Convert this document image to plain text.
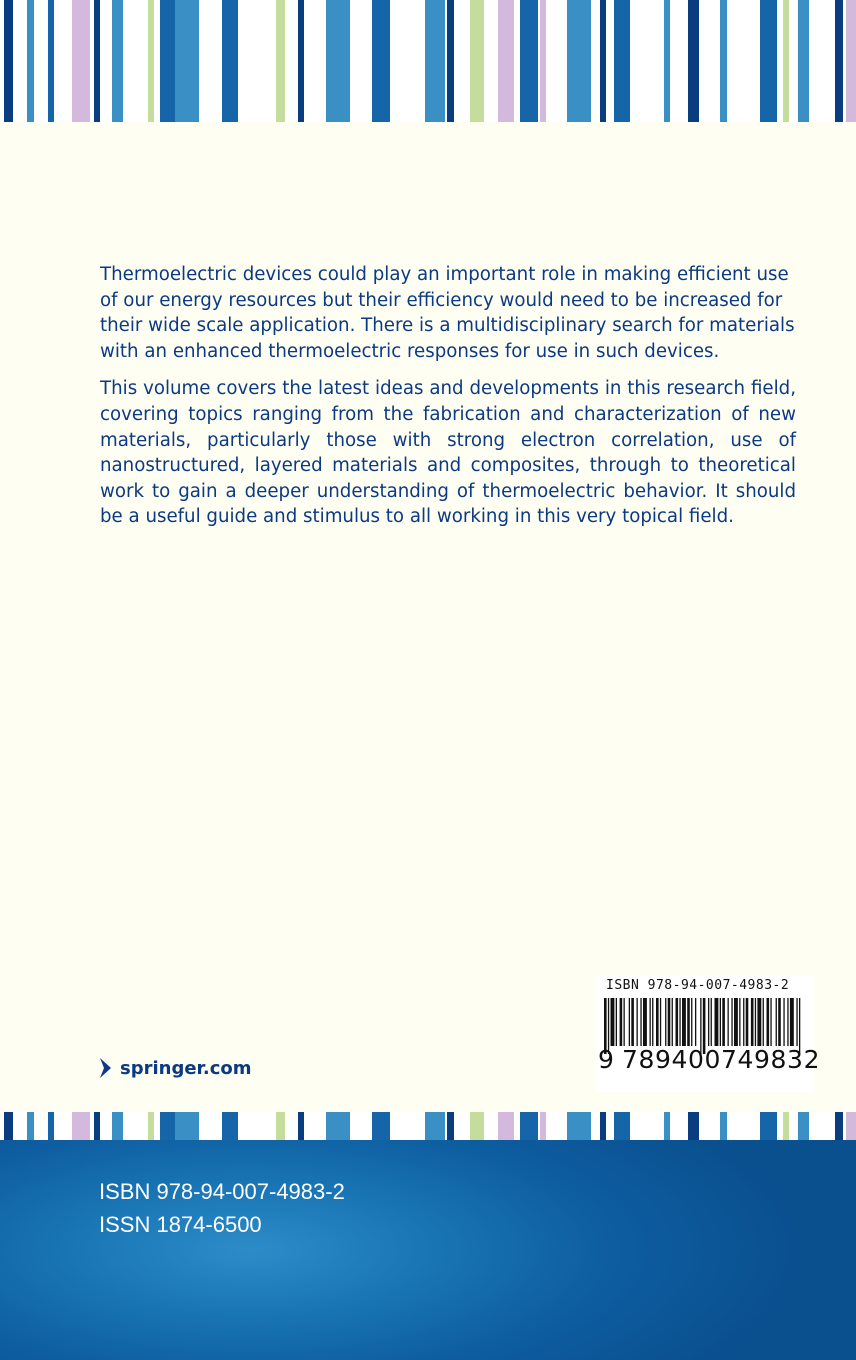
Thermoelectric devices could play an important role in making efficient use of our energy resources but their efficiency would need to be increased for their wide scale application. There is a multidisciplinary search for materials with an enhanced thermoelectric responses for use in such devices.

This volume covers the latest ideas and developments in this research field, covering topics ranging from the fabrication and characterization of new materials, particularly those with strong electron correlation, use of nanostructured, layered materials and composites, through to theoretical work to gain a deeper understanding of thermoelectric behavior. It should be a useful guide and stimulus to all working in this very topical field.

ISBN 978-94-007-4983-2
9 789400749832
springer.com
ISBN 978-94-007-4983-2
ISSN 1874-6500
